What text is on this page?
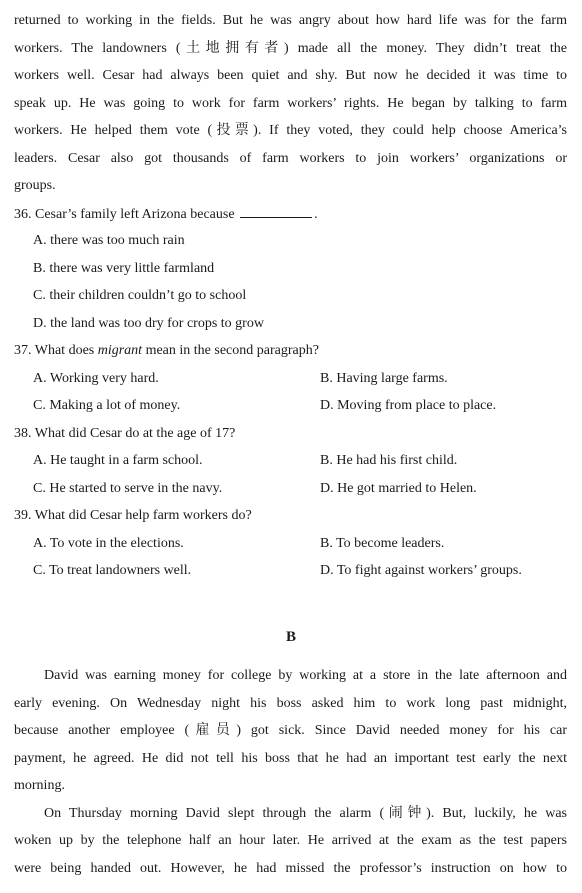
returned to working in the fields. But he was angry about how hard life was for the farm
workers. The landowners (土地拥有者) made all the money. They didn’t treat the
workers well. Cesar had always been quiet and shy. But now he decided it was time to
speak up. He was going to work for farm workers’ rights. He began by talking to farm
workers. He helped them vote (投票). If they voted, they could help choose America’s
leaders. Cesar also got thousands of farm workers to join workers’ organizations or
groups.
36. Cesar’s family left Arizona because	.
A. there was too much rain
B. there was very little farmland
C. their children couldn’t go to school
D. the land was too dry for crops to grow
37. What does migrant mean in the second paragraph?
A. Working very hard.	B. Having large farms.
C. Making a lot of money.	D. Moving from place to place.
38. What did Cesar do at the age of 17?
A. He taught in a farm school.	B. He had his first child.
C. He started to serve in the navy.	D. He got married to Helen.
39. What did Cesar help farm workers do?
A. To vote in the elections.	B. To become leaders.
C. To treat landowners well.	D. To fight against workers’ groups.
B
David was earning money for college by working at a store in the late afternoon and
early evening. On Wednesday night his boss asked him to work long past midnight,
because another employee (雇员) got sick. Since David needed money for his car
payment, he agreed. He did not tell his boss that he had an important test early the next
morning.
On Thursday morning David slept through the alarm (闹钟). But, luckily, he was
woken up by the telephone half an hour later. He arrived at the exam as the test papers
were being handed out. However, he had missed the professor’s instruction on how to
